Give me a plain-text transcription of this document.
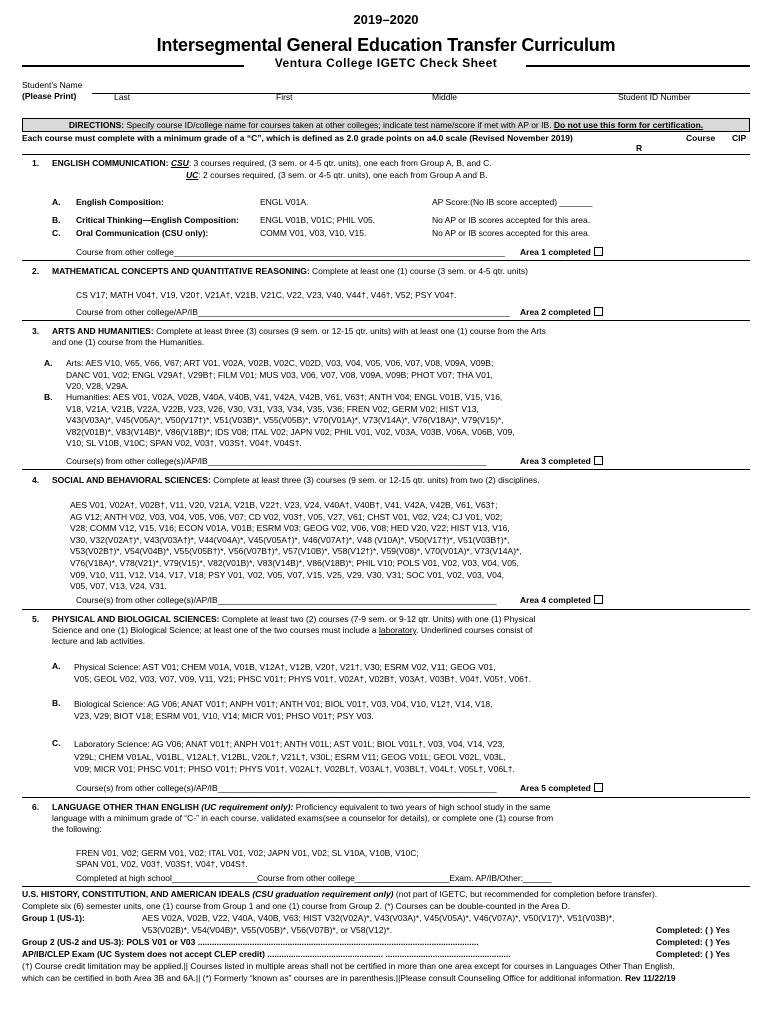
2019–2020
Intersegmental General Education Transfer Curriculum
Ventura College IGETC Check Sheet
Student’s Name
(Please Print)	Last	First	Middle	Student ID Number
DIRECTIONS: Specify course ID/college name for courses taken at other colleges; indicate test name/score if met with AP or IB. Do not use this form for certification.
Each course must complete with a minimum grade of a “C”, which is defined as 2.0 grade points on a4.0 scale (Revised November 2019)	Course CIP
R
1. ENGLISH COMMUNICATION: CSU: 3 courses required, (3 sem. or 4-5 qtr. units), one each from Group A, B, and C.
UC: 2 courses required, (3 sem. or 4-5 qtr. units), one each from Group A and B.
A. English Composition:	ENGL V01A.	AP Score:(No IB score accepted) _______
B. Critical Thinking—English Composition: ENGL V01B, V01C; PHIL V05.	No AP or IB scores accepted for this area.
C. Oral Communication (CSU only):	COMM V01, V03, V10, V15.	No AP or IB scores accepted for this area.
Course from other college______________________________________________________________________ Area 1 completed
2. MATHEMATICAL CONCEPTS AND QUANTITATIVE REASONING: Complete at least one (1) course (3 sem. or 4-5 qtr. units)
CS V17; MATH V04†, V19, V20†, V21A†, V21B, V21C, V22, V23, V40, V44†, V46†, V52; PSY V04†.
Course from other college/AP/IB__________________________________________________________________ Area 2 completed
3. ARTS AND HUMANITIES: Complete at least three (3) courses (9 sem. or 12-15 qtr. units) with at least one (1) course from the Arts
and one (1) course from the Humanities.
A. Arts: AES V10, V65, V66, V67; ART V01, V02A, V02B, V02C, V02D, V03, V04, V05, V06, V07, V08, V09A, V09B;
DANC V01, V02; ENGL V29A†, V29B†; FILM V01; MUS V03, V06, V07, V08, V09A, V09B; PHOT V07; THA V01,
V20, V28, V29A.
B. Humanities: AES V01, V02A, V02B, V40A, V40B, V41, V42A, V42B, V61, V63†; ANTH V04; ENGL V01B, V15, V16,
V18, V21A, V21B, V22A, V22B, V23, V26, V30, V31, V33, V34, V35, V36; FREN V02; GERM V02; HIST V13,
V43(V03A)*, V45(V05A)*, V50(V17†)*, V51(V03B)*, V55(V05B)*, V70(V01A)*, V73(V14A)*, V76(V18A)*, V79(V15)*,
V82(V01B)*, V83(V14B)*, V86(V18B)*; IDS V08; ITAL V02; JAPN V02; PHIL V01, V02, V03A, V03B, V06A, V06B, V09,
V10; SL V10B, V10C; SPAN V02, V03†, V03S†, V04†, V04S†.
Course(s) from other college(s)/AP/IB___________________________________________________________	Area 3 completed
4. SOCIAL AND BEHAVIORAL SCIENCES: Complete at least three (3) courses (9 sem. or 12-15 qtr. units) from two (2) disciplines.
AES V01, V02A†, V02B†, V11, V20, V21A, V21B, V22†, V23, V24, V40A†, V40B†, V41, V42A, V42B, V61, V63†;
AG V12; ANTH V02, V03, V04, V05, V06, V07; CD V02, V03†, V05, V27, V61; CHST V01, V02, V24; CJ V01, V02;
V28; COMM V12, V15, V16; ECON V01A, V01B; ESRM V03; GEOG V02, V06, V08; HED V20, V22; HIST V13, V16,
V30, V32(V02A†)*, V43(V03A†)*, V44(V04A)*, V45(V05A†)*, V46(V07A†)*, V48 (V10A)*, V50(V17†)*, V51(V03B†)*,
V53(V02B†)*, V54(V04B)*, V55(V05B†)*, V56(V07B†)*, V57(V10B)*, V58(V12†)*, V59(V08)*, V70(V01A)*, V73(V14A)*,
V76(V18A)*, V78(V21)*, V79(V15)*, V82(V01B)*, V83(V14B)*, V86(V18B)*; PHIL V10; POLS V01, V02, V03, V04, V05,
V09, V10, V11, V12, V14, V17, V18; PSY V01, V02, V05, V07, V15, V25, V29, V30, V31; SOC V01, V02, V03, V04,
V05, V07, V13, V24, V31.
Course(s) from other college(s)/AP/IB___________________________________________________________	Area 4 completed
5. PHYSICAL AND BIOLOGICAL SCIENCES: Complete at least two (2) courses (7-9 sem. or 9-12 qtr. Units) with one (1) Physical
Science and one (1) Biological Science; at least one of the two courses must include a laboratory. Underlined courses consist of
lecture and lab activities.
A. Physical Science: AST V01; CHEM V01A, V01B, V12A†, V12B, V20†, V21†, V30; ESRM V02, V11; GEOG V01,
V05; GEOL V02, V03, V07, V09, V11, V21; PHSC V01†; PHYS V01†, V02A†, V02B†, V03A†, V03B†, V04†, V05†, V06†.
B. Biological Science: AG V06; ANAT V01†; ANPH V01†; ANTH V01; BIOL V01†, V03, V04, V10, V12†, V14, V18,
V23, V29; BIOT V18; ESRM V01, V10, V14; MICR V01; PHSO V01†; PSY V03.
C. Laboratory Science: AG V06; ANAT V01†; ANPH V01†; ANTH V01L; AST V01L; BIOL V01L†, V03, V04, V14, V23,
V29L; CHEM V01AL, V01BL, V12AL†, V12BL, V20L†, V21L†, V30L; ESRM V11; GEOG V01L; GEOL V02L, V03L,
V09; MICR V01; PHSC V01†; PHSO V01†; PHYS V01†, V02AL†, V02BL†, V03AL†, V03BL†, V04L†, V05L†, V06L†.
Course(s) from other college(s)/AP/IB___________________________________________________________	Area 5 completed
6. LANGUAGE OTHER THAN ENGLISH (UC requirement only): Proficiency equivalent to two years of high school study in the same
language with a minimum grade of “C-” in each course, validated exams(see a counselor for details), or complete one (1) course from
the following:
FREN V01, V02; GERM V01, V02; ITAL V01, V02; JAPN V01, V02; SL V10A, V10B, V10C;
SPAN V01, V02, V03†, V03S†, V04†, V04S†.
Completed at high school__________________Course from other college____________________Exam. AP/IB/Other:______
U.S. HISTORY, CONSTITUTION, AND AMERICAN IDEALS (CSU graduation requirement only) (not part of IGETC, but recommended for completion before transfer).
Complete six (6) semester units, one (1) course from Group 1 and one (1) course from Group 2. (*) Courses can be double-counted in the Area D.
Group 1 (US-1):	AES V02A, V02B, V22, V40A, V40B, V63; HIST V32(V02A)*, V43(V03A)*, V45(V05A)*, V46(V07A)*, V50(V17)*, V51(V03B)*,
V53(V02B)*, V54(V04B)*, V55(V05B)*, V56(V07B)*, or V58(V12)*.	Completed: ( ) Yes
Group 2 (US-2 and US-3): POLS V01 or V03 .......................................................................................................................	Completed: ( ) Yes
AP/IB/CLEP Exam (UC System does not accept CLEP credit) ................................................. .....................................................	Completed: ( ) Yes
(†) Course credit limitation may be applied.|| Courses listed in multiple areas shall not be certified in more than one area except for courses in Languages Other Than English,
which can be certified in both Area 3B and 6A.|| (*) Formerly “known as” courses are in parenthesis.||Please consult Counseling Office for additional information. Rev 11/22/19
